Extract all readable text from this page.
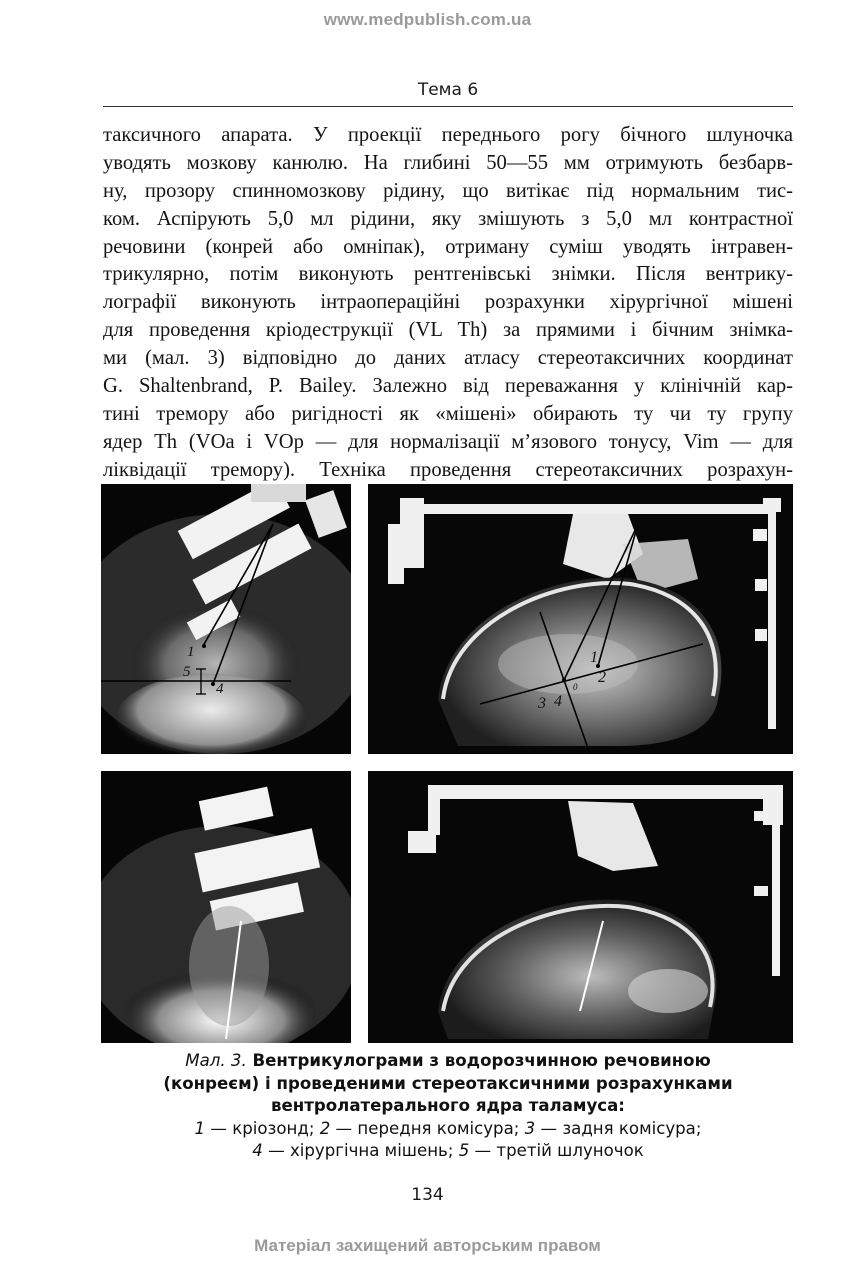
www.medpublish.com.ua
Тема 6

таксичного апарата. У проекції переднього рогу бічного шлуночка
уводять мозкову канюлю. На глибині 50—55 мм отримують безбарв-
ну, прозору спинномозкову рідину, що витікає під нормальним тис-
ком. Аспірують 5,0 мл рідини, яку змішують з 5,0 мл контрастної
речовини (конрей або омніпак), отриману суміш уводять інтравен-
трикулярно, потім виконують рентгенівські знімки. Після вентрику-
лографії виконують інтраопераційні розрахунки хірургічної мішені
для проведення кріодеструкції (VL Th) за прямими і бічним знімка-
ми (мал. 3) відповідно до даних атласу стереотаксичних координат
G. Shaltenbrand, P. Bailey. Залежно від переважання у клінічній кар-
тині тремору або ригідності як «мішені» обирають ту чи ту групу
ядер Th (VOa і VOp — для нормалізації м’язового тонусу, Vim — для
ліквідації тремору). Техніка проведення стереотаксичних розрахун-

1
5
4
1
2
3 4
0
Мал. 3. Вентрикулограми з водорозчинною речовиною
(конреєм) і проведеними стереотаксичними розрахунками
вентролатерального ядра таламуса:
1 — кріозонд; 2 — передня комісура; 3 — задня комісура;
4 — хірургічна мішень; 5 — третій шлуночок
134
Матеріал захищений авторським правом
